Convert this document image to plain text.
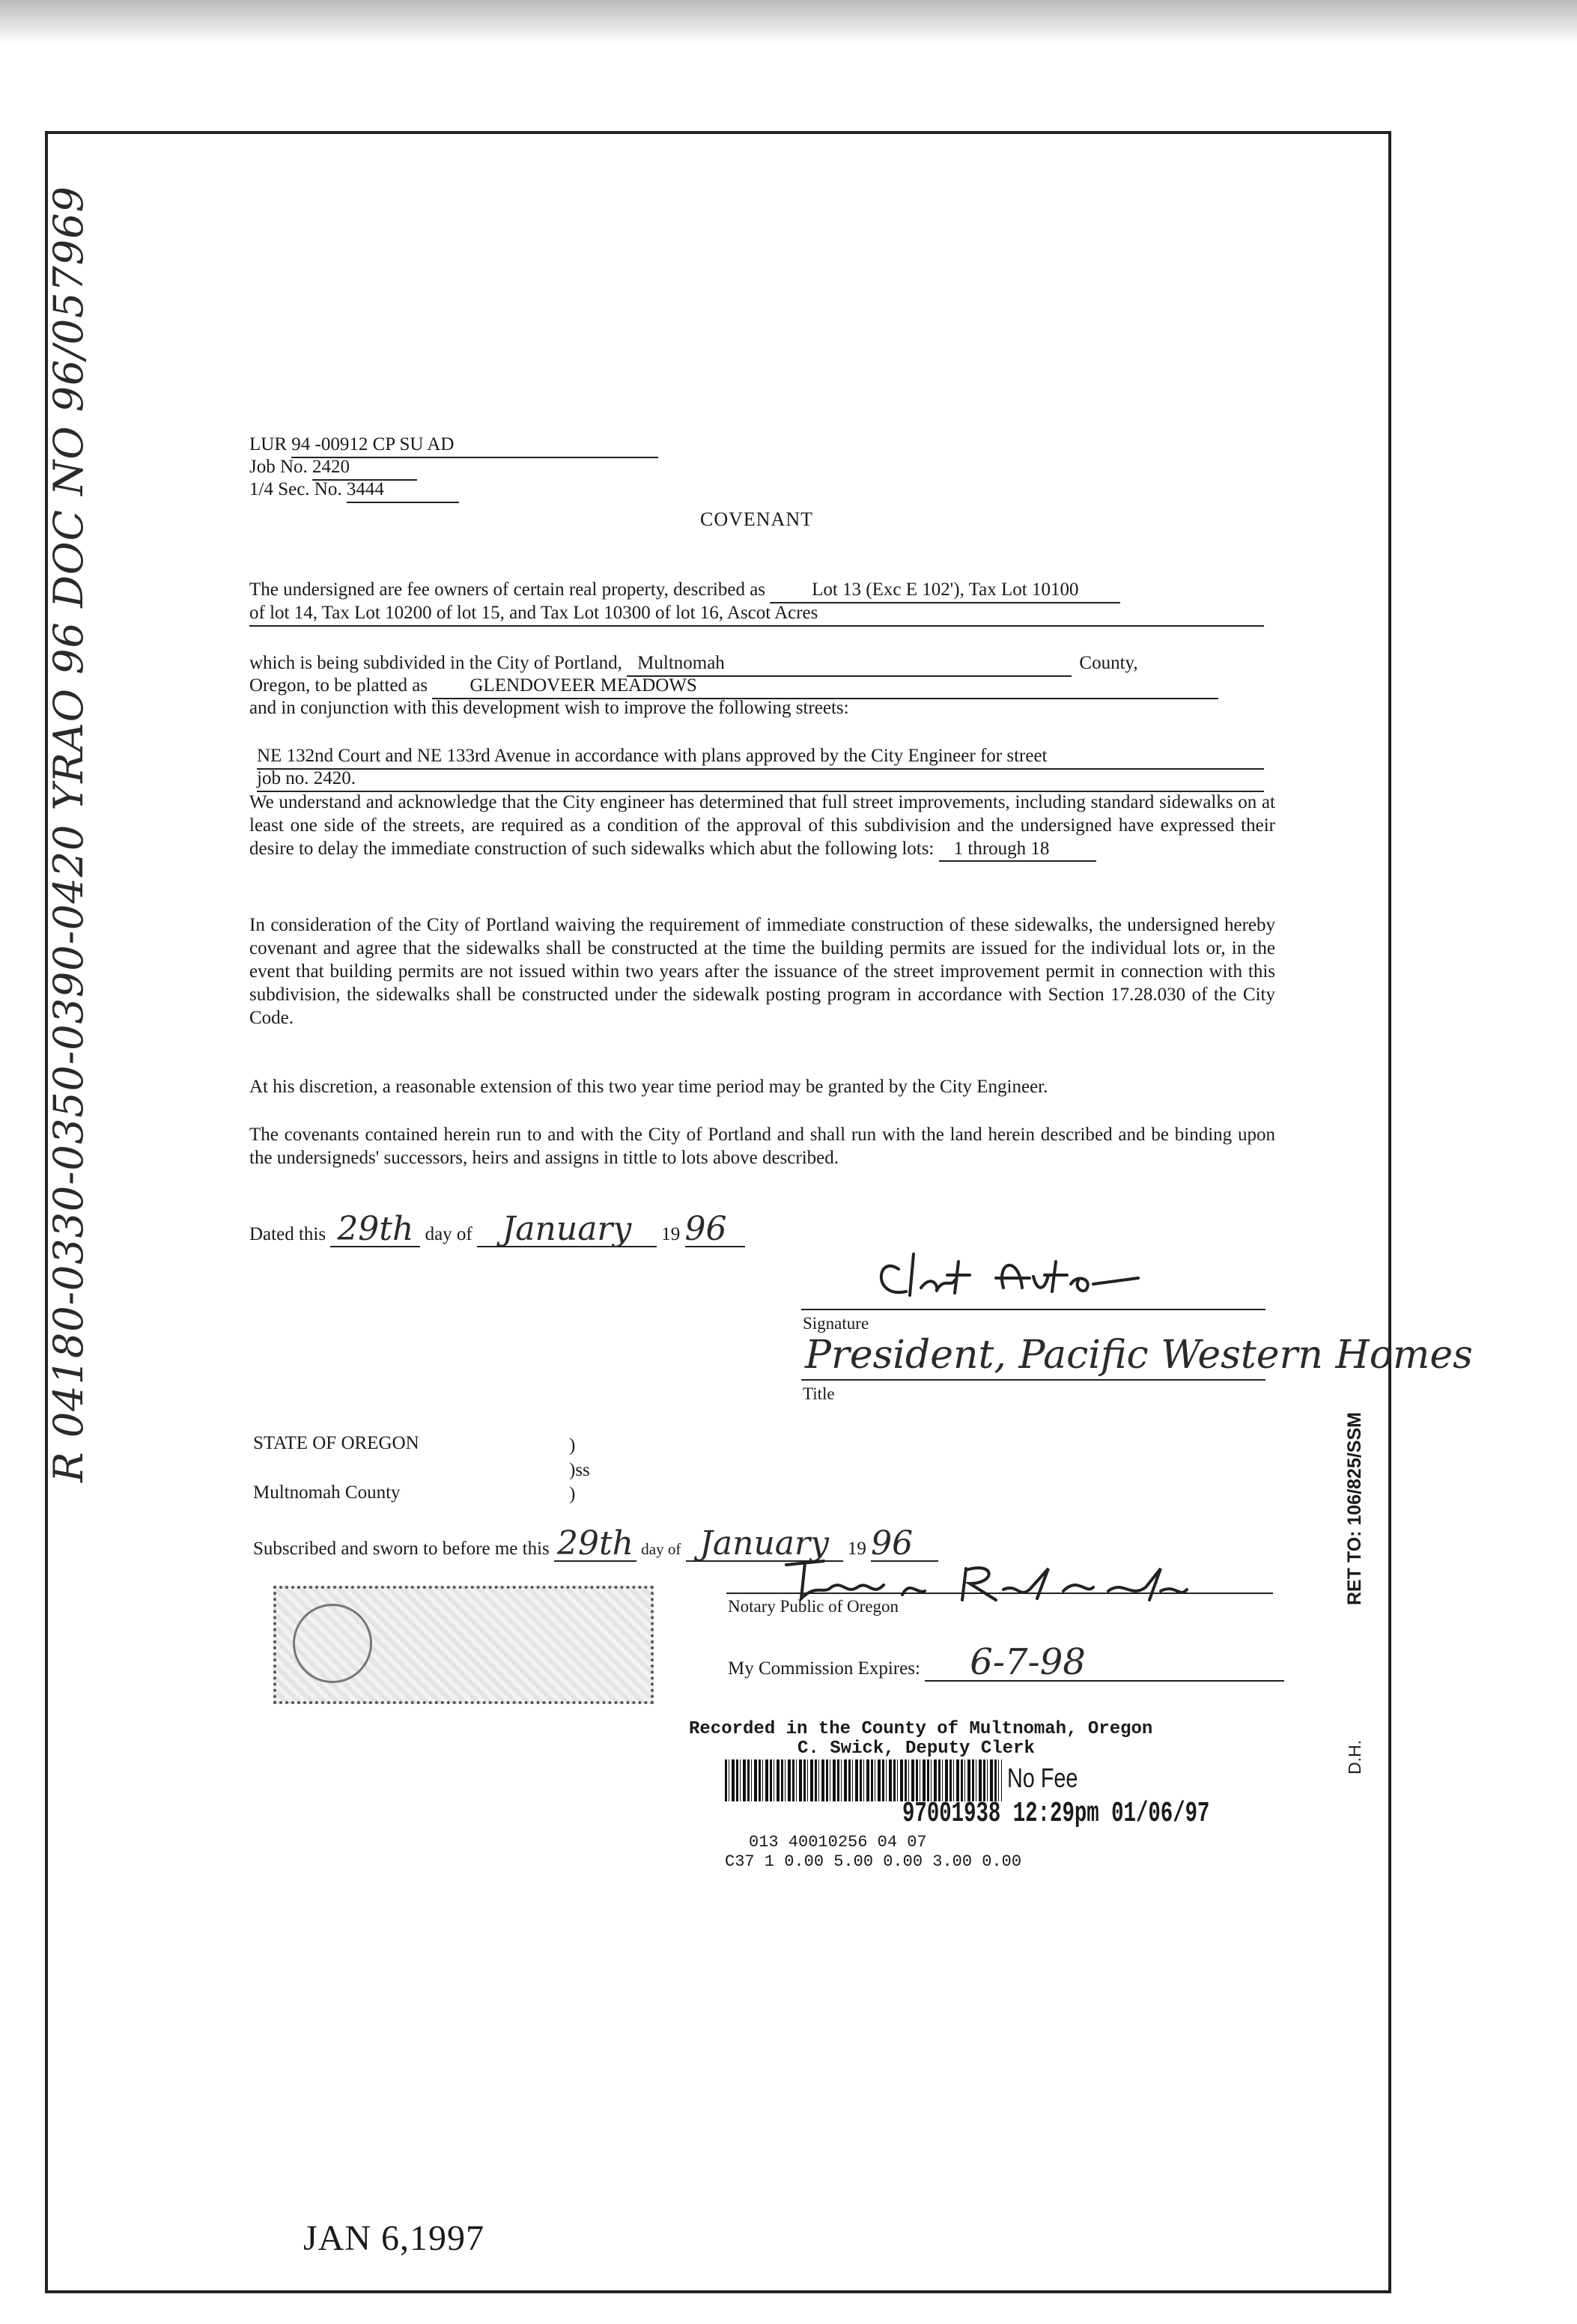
R 04180-0330-0350-0390-0420 YRAO 96 DOC NO 96/057969	LUR 94 -00912 CP SU AD
Job No. 2420
1/4 Sec. No. 3444
COVENANT
The undersigned are fee owners of certain real property, described as Lot 13 (Exc E 102'), Tax Lot 10100
of lot 14, Tax Lot 10200 of lot 15, and Tax Lot 10300 of lot 16, Ascot Acres
which is being subdivided in the City of Portland, Multnomah	County,
Oregon, to be platted as GLENDOVEER MEADOWS
and in conjunction with this development wish to improve the following streets:
NE 132nd Court and NE 133rd Avenue in accordance with plans approved by the City Engineer for street
job no. 2420.
We understand and acknowledge that the City engineer has determined that full street improvements, including standard sidewalks on at least one side of the streets, are required as a condition of the approval of this subdivision and the undersigned have expressed their desire to delay the immediate construction of such sidewalks which abut the following lots: 1 through 18
In consideration of the City of Portland waiving the requirement of immediate construction of these sidewalks, the undersigned hereby covenant and agree that the sidewalks shall be constructed at the time the building permits are issued for the individual lots or, in the event that building permits are not issued within two years after the issuance of the street improvement permit in connection with this subdivision, the sidewalks shall be constructed under the sidewalk posting program in accordance with Section 17.28.030 of the City Code.
At his discretion, a reasonable extension of this two year time period may be granted by the City Engineer.
The covenants contained herein run to and with the City of Portland and shall run with the land herein described and be binding upon the undersigneds' successors, heirs and assigns in tittle to lots above described.
Dated this 29th day of January 19 96
Signature
President, Pacific Western Homes
Title
STATE OF OREGON	)
)ss
Multnomah County	)
Subscribed and sworn to before me this 29th day of January 19 96
Notary Public of Oregon
My Commission Expires: 6-7-98
RET TO: 106/825/SSM
D.H.
Recorded in the County of Multnomah, Oregon
C. Swick, Deputy Clerk
No Fee
97001938 12:29pm 01/06/97
013 40010256 04 07
C37 1 0.00 5.00 0.00 3.00 0.00
JAN 6,1997
